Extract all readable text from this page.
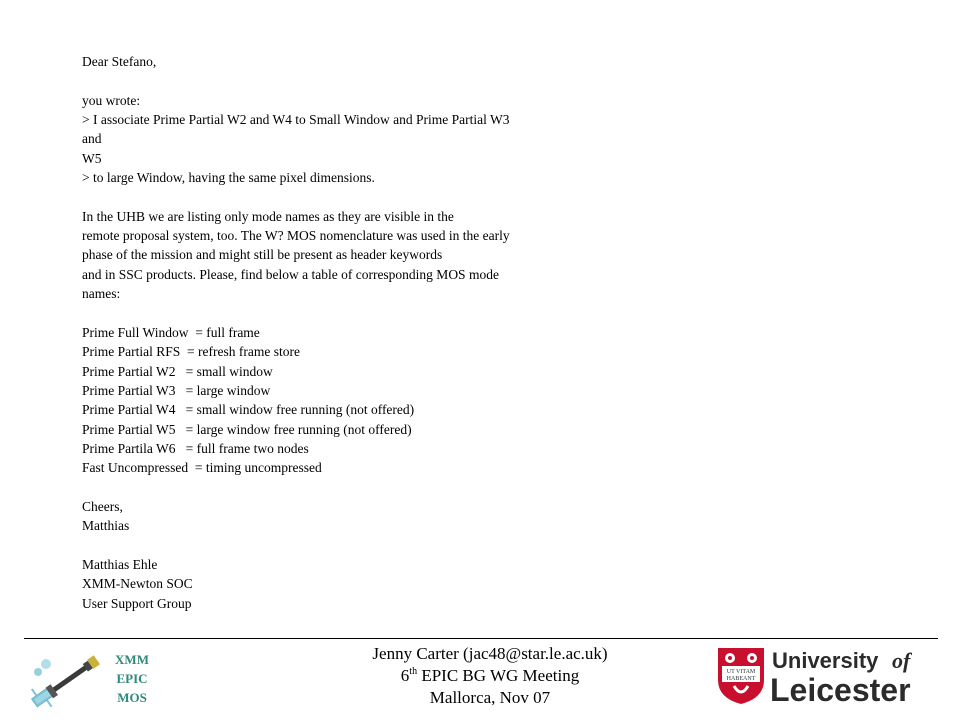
Dear Stefano,
you wrote:
> I associate Prime Partial W2 and W4 to Small Window and Prime Partial W3
and
W5
> to large Window, having the same pixel dimensions.
In the UHB we are listing only mode names as they are visible in the
remote proposal system, too. The W? MOS nomenclature was used in the early
phase of the mission and might still be present as header keywords
and in SSC products. Please, find below a table of corresponding MOS mode
names:
Prime Full Window  = full frame
Prime Partial RFS  = refresh frame store
Prime Partial W2   = small window
Prime Partial W3   = large window
Prime Partial W4   = small window free running (not offered)
Prime Partial W5   = large window free running (not offered)
Prime Partila W6   = full frame two nodes
Fast Uncompressed  = timing uncompressed
Cheers,
Matthias
Matthias Ehle
XMM-Newton SOC
User Support Group
XMM
EPIC
MOS
Jenny Carter (jac48@star.le.ac.uk)
6th EPIC BG WG Meeting
Mallorca, Nov 07
UT VITAM
HABEANT
University of
Leicester
